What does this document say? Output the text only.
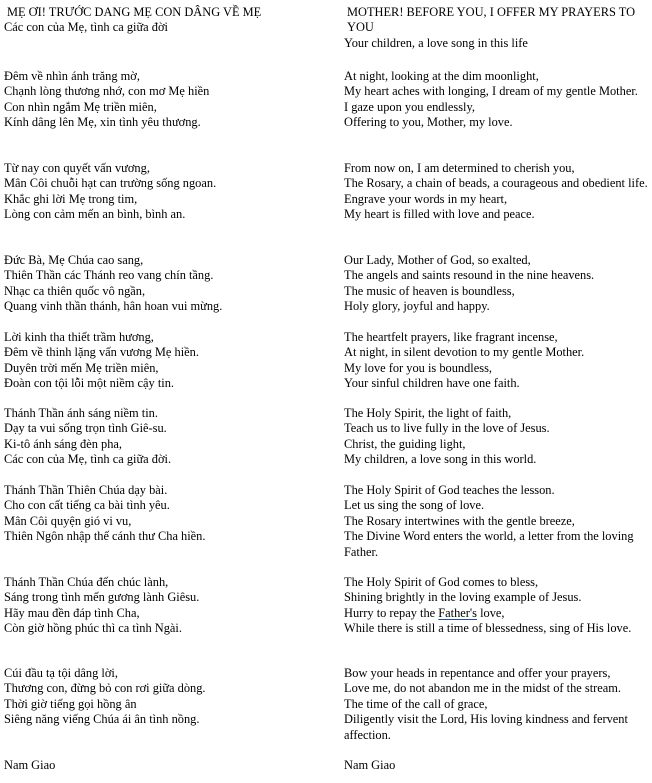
MẸ ƠI! TRƯỚC DANG MẸ CON DÂNG VỀ MẸ

Các con của Mẹ, tình ca giữa đời

Đêm về nhìn ánh trăng mờ,

Chạnh lòng thương nhớ, con mơ Mẹ hiền

Con nhìn ngắm Mẹ triền miên,

Kính dâng lên Mẹ, xin tình yêu thương.

Từ nay con quyết vấn vương,

Mân Côi chuỗi hạt can trường sống ngoan.

Khắc ghi lời Mẹ trong tim,

Lòng con cảm mến an bình, bình an.

Đức Bà, Mẹ Chúa cao sang,

Thiên Thần các Thánh reo vang chín tầng.

Nhạc ca thiên quốc vô ngần,

Quang vinh thần thánh, hân hoan vui mừng.

Lời kinh tha thiết trầm hương,

Đêm về thinh lặng vấn vương Mẹ hiền.

Duyên trời mến Mẹ triền miên,

Đoàn con tội lỗi một niềm cậy tin.

Thánh Thần ánh sáng niềm tin.

Dạy ta vui sống trọn tình Giê-su.

Ki-tô ánh sáng đèn pha,

Các con của Mẹ, tình ca giữa đời.

Thánh Thần Thiên Chúa dạy bài.

Cho con cất tiếng ca bài tình yêu.

Mân Côi quyện gió vi vu,

Thiên Ngôn nhập thế cánh thư Cha hiền.

Thánh Thần Chúa đến chúc lành,

Sáng trong tình mến gương lành Giêsu.

Hãy mau đền đáp tình Cha,

Còn giờ hồng phúc thì ca tình Ngài.

Cúi đầu tạ tội dâng lời,

Thương con, đừng bỏ con rơi giữa dòng.

Thời giờ tiếng gọi hồng ân

Siêng năng viếng Chúa ái ân tình nồng.

Nam Giao

MOTHER! BEFORE YOU, I OFFER MY PRAYERS TO YOU

Your children, a love song in this life

At night, looking at the dim moonlight,

My heart aches with longing, I dream of my gentle Mother.

I gaze upon you endlessly,

Offering to you, Mother, my love.

From now on, I am determined to cherish you,

The Rosary, a chain of beads, a courageous and obedient life.

Engrave your words in my heart,

My heart is filled with love and peace.

Our Lady, Mother of God, so exalted,

The angels and saints resound in the nine heavens.

The music of heaven is boundless,

Holy glory, joyful and happy.

The heartfelt prayers, like fragrant incense,

At night, in silent devotion to my gentle Mother.

My love for you is boundless,

Your sinful children have one faith.

The Holy Spirit, the light of faith,

Teach us to live fully in the love of Jesus.

Christ, the guiding light,

My children, a love song in this world.

The Holy Spirit of God teaches the lesson.

Let us sing the song of love.

The Rosary intertwines with the gentle breeze,

The Divine Word enters the world, a letter from the loving Father.

The Holy Spirit of God comes to bless,

Shining brightly in the loving example of Jesus.

Hurry to repay the Father's love,

While there is still a time of blessedness, sing of His love.

Bow your heads in repentance and offer your prayers,

Love me, do not abandon me in the midst of the stream.

The time of the call of grace,

Diligently visit the Lord, His loving kindness and fervent affection.

Nam Giao
